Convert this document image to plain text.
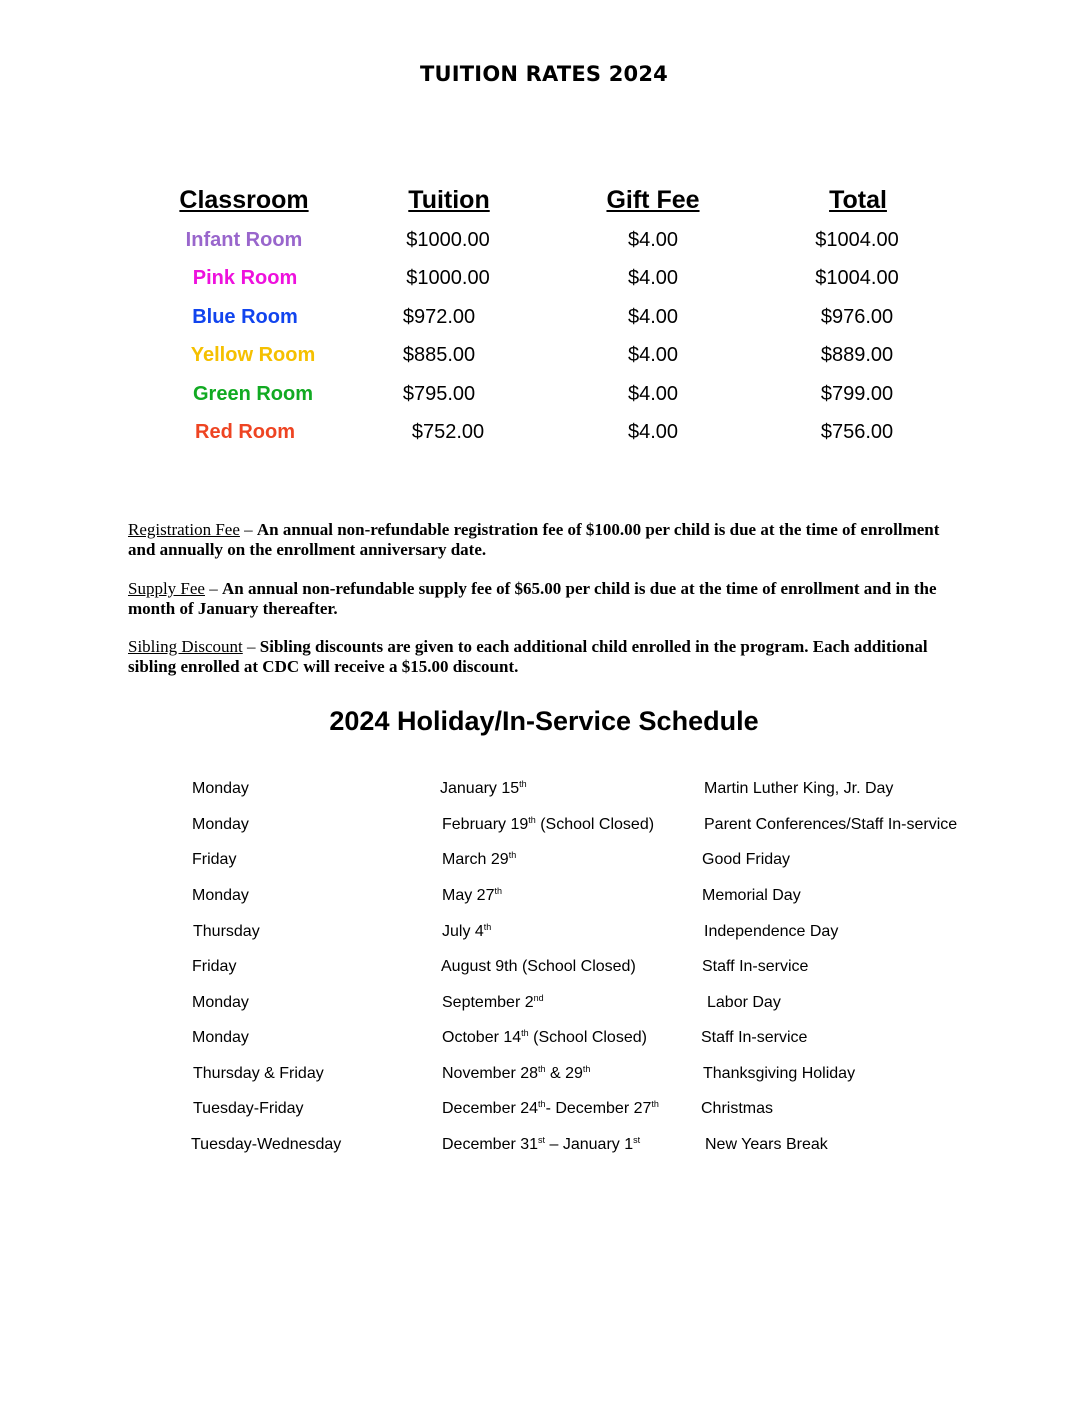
TUITION RATES 2024
Classroom	Tuition	Gift Fee	Total
Infant Room	$1000.00	$4.00	$1004.00
Pink Room	$1000.00	$4.00	$1004.00
Blue Room	$972.00	$4.00	$976.00
Yellow Room	$885.00	$4.00	$889.00
Green Room	$795.00	$4.00	$799.00
Red Room	$752.00	$4.00	$756.00
Registration Fee – An annual non-refundable registration fee of $100.00 per child is due at the time of enrollment and annually on the enrollment anniversary date.
Supply Fee – An annual non-refundable supply fee of $65.00 per child is due at the time of enrollment and in the month of January thereafter.
Sibling Discount – Sibling discounts are given to each additional child enrolled in the program. Each additional sibling enrolled at CDC will receive a $15.00 discount.
2024 Holiday/In-Service Schedule
Monday	January 15th	Martin Luther King, Jr. Day
Monday	February 19th (School Closed)	Parent Conferences/Staff In-service
Friday	March 29th	Good Friday
Monday	May 27th	Memorial Day
Thursday	July 4th	Independence Day
Friday	August 9th (School Closed)	Staff In-service
Monday	September 2nd	Labor Day
Monday	October 14th (School Closed)	Staff In-service
Thursday & Friday	November 28th & 29th	Thanksgiving Holiday
Tuesday-Friday	December 24th- December 27th	Christmas
Tuesday-Wednesday	December 31st – January 1st	New Years Break
